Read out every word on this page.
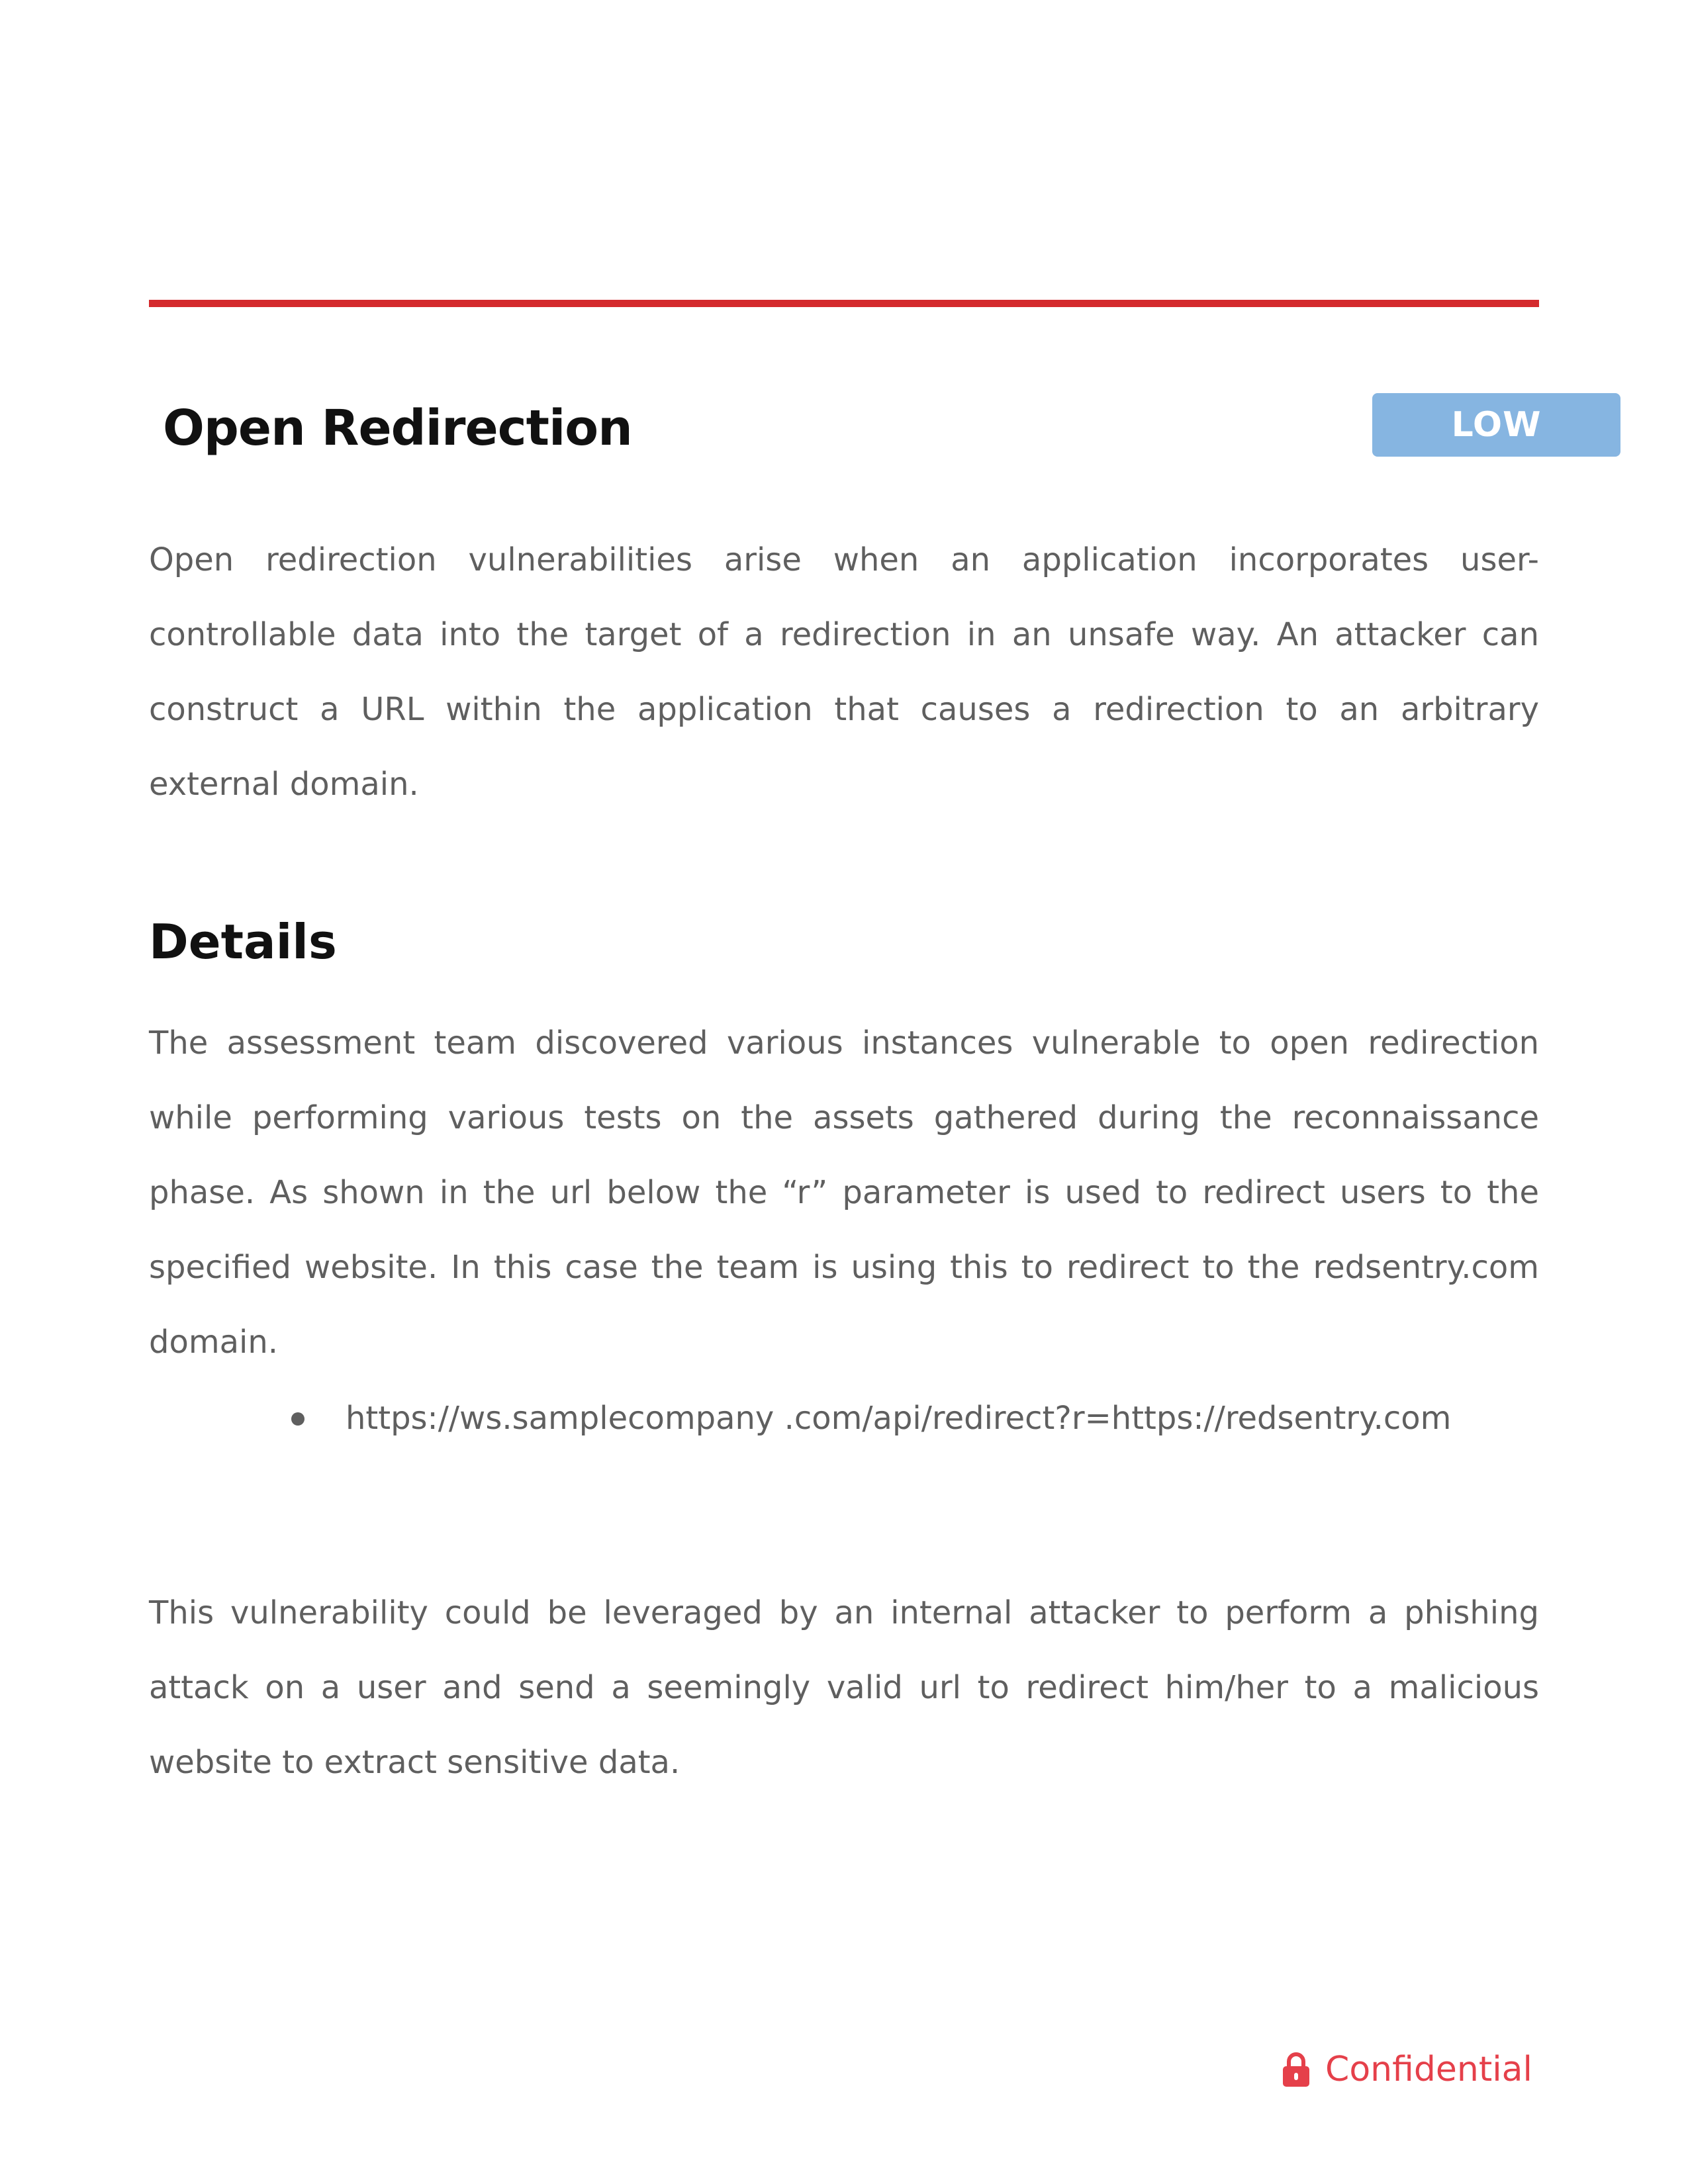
Open Redirection	LOW

Open redirection vulnerabilities arise when an application incorporates user-controllable data into the target of a redirection in an unsafe way. An attacker can construct a URL within the application that causes a redirection to an arbitrary external domain.

Details

The assessment team discovered various instances vulnerable to open redirection while performing various tests on the assets gathered during the reconnaissance phase. As shown in the url below the “r” parameter is used to redirect users to the specified website. In this case the team is using this to redirect to the redsentry.com domain.

https://ws.samplecompany .com/api/redirect?r=https://redsentry.com

This vulnerability could be leveraged by an internal attacker to perform a phishing attack on a user and send a seemingly valid url to redirect him/her to a malicious website to extract sensitive data.

Confidential
